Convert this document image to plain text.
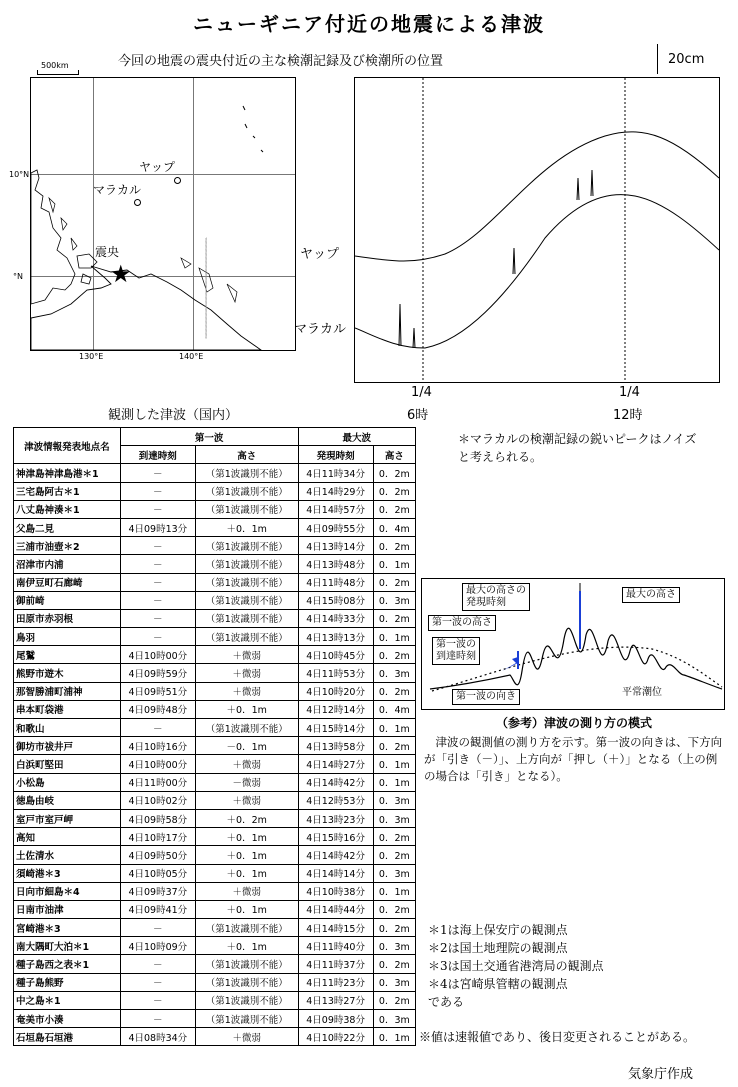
ニューギニア付近の地震による津波
今回の地震の震央付近の主な検潮記録及び検潮所の位置	20cm
500km
10°N
°N
130°E	140°E
ヤップ
マラカル
震央
★
ヤップ
マラカル
1/4
6時
1/4
12時
観測した津波（国内）
＊マラカルの検潮記録の鋭いピークはノイズと考えられる。
津波情報発表地点名	第一波		最大波	
	到達時刻	高さ	発現時刻	高さ
神津島神津島港＊1	－	（第1波識別不能）	4日11時34分	0．2m
三宅島阿古＊1	－	（第1波識別不能）	4日14時29分	0．2m
八丈島神湊＊1	－	（第1波識別不能）	4日14時57分	0．2m
父島二見	4日09時13分	＋0．1m	4日09時55分	0．4m
三浦市油壺＊2	－	（第1波識別不能）	4日13時14分	0．2m
沼津市内浦	－	（第1波識別不能）	4日13時48分	0．1m
南伊豆町石廊崎	－	（第1波識別不能）	4日11時48分	0．2m
御前崎	－	（第1波識別不能）	4日15時08分	0．3m
田原市赤羽根	－	（第1波識別不能）	4日14時33分	0．2m
鳥羽	－	（第1波識別不能）	4日13時13分	0．1m
尾鷲	4日10時00分	＋微弱	4日10時45分	0．2m
熊野市遊木	4日09時59分	＋微弱	4日11時53分	0．3m
那智勝浦町浦神	4日09時51分	＋微弱	4日10時20分	0．2m
串本町袋港	4日09時48分	＋0．1m	4日12時14分	0．4m
和歌山	－	（第1波識別不能）	4日15時14分	0．1m
御坊市祓井戸	4日10時16分	－0．1m	4日13時58分	0．2m
白浜町堅田	4日10時00分	＋微弱	4日14時27分	0．1m
小松島	4日11時00分	－微弱	4日14時42分	0．1m
徳島由岐	4日10時02分	＋微弱	4日12時53分	0．3m
室戸市室戸岬	4日09時58分	＋0．2m	4日13時23分	0．3m
高知	4日10時17分	＋0．1m	4日15時16分	0．2m
土佐清水	4日09時50分	＋0．1m	4日14時42分	0．2m
須崎港＊3	4日10時05分	＋0．1m	4日14時14分	0．3m
日向市細島＊4	4日09時37分	＋微弱	4日10時38分	0．1m
日南市油津	4日09時41分	＋0．1m	4日14時44分	0．2m
宮崎港＊3	－	（第1波識別不能）	4日14時15分	0．2m
南大隅町大泊＊1	4日10時09分	＋0．1m	4日11時40分	0．3m
種子島西之表＊1	－	（第1波識別不能）	4日11時37分	0．2m
種子島熊野	－	（第1波識別不能）	4日11時23分	0．3m
中之島＊1	－	（第1波識別不能）	4日13時27分	0．2m
奄美市小湊	－	（第1波識別不能）	4日09時38分	0．3m
石垣島石垣港	4日08時34分	＋微弱	4日10時22分	0．1m
最大の高さの
発現時刻
最大の高さ
第一波の高さ
第一波の
到達時刻
第一波の向き	平常潮位
（参考）津波の測り方の模式
津波の観測値の測り方を示す。第一波の向きは、下方向が「引き（－）」、上方向が「押し（＋）」となる（上の例の場合は「引き」となる）。
＊1は海上保安庁の観測点
＊2は国土地理院の観測点
＊3は国土交通省港湾局の観測点
＊4は宮崎県管轄の観測点
である
※値は速報値であり、後日変更されることがある。
気象庁作成
